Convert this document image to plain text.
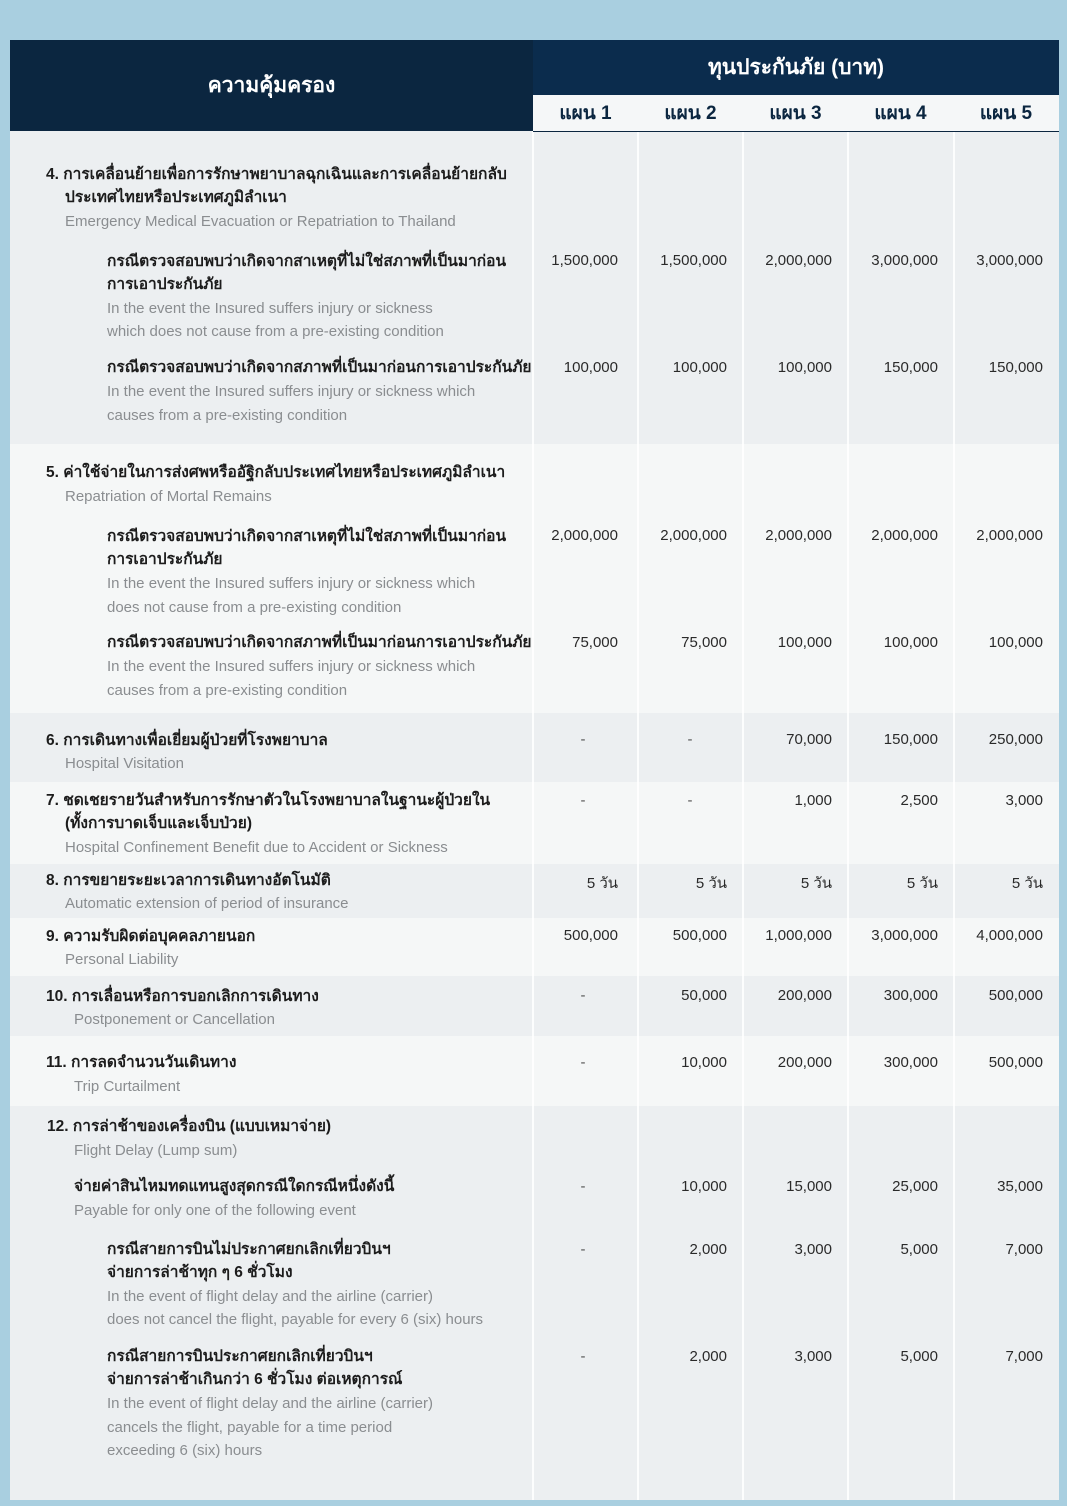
ความคุ้มครอง
ทุนประกันภัย (บาท)
แผน 1	แผน 2	แผน 3	แผน 4	แผน 5
4. การเคลื่อนย้ายเพื่อการรักษาพยาบาลฉุกเฉินและการเคลื่อนย้ายกลับ
ประเทศไทยหรือประเทศภูมิลำเนา
Emergency Medical Evacuation or Repatriation to Thailand
กรณีตรวจสอบพบว่าเกิดจากสาเหตุที่ไม่ใช่สภาพที่เป็นมาก่อน
การเอาประกันภัย
In the event the Insured suffers injury or sickness
which does not cause from a pre-existing condition
1,500,000	1,500,000	2,000,000	3,000,000	3,000,000
กรณีตรวจสอบพบว่าเกิดจากสภาพที่เป็นมาก่อนการเอาประกันภัย
In the event the Insured suffers injury or sickness which
causes from a pre-existing condition
100,000	100,000	100,000	150,000	150,000
5. ค่าใช้จ่ายในการส่งศพหรืออัฐิกลับประเทศไทยหรือประเทศภูมิลำเนา
Repatriation of Mortal Remains
กรณีตรวจสอบพบว่าเกิดจากสาเหตุที่ไม่ใช่สภาพที่เป็นมาก่อน
การเอาประกันภัย
In the event the Insured suffers injury or sickness which
does not cause from a pre-existing condition
2,000,000	2,000,000	2,000,000	2,000,000	2,000,000
กรณีตรวจสอบพบว่าเกิดจากสภาพที่เป็นมาก่อนการเอาประกันภัย
In the event the Insured suffers injury or sickness which
causes from a pre-existing condition
75,000	75,000	100,000	100,000	100,000
6. การเดินทางเพื่อเยี่ยมผู้ป่วยที่โรงพยาบาล
Hospital Visitation
-	-	70,000	150,000	250,000
7. ชดเชยรายวันสำหรับการรักษาตัวในโรงพยาบาลในฐานะผู้ป่วยใน
(ทั้งการบาดเจ็บและเจ็บป่วย)
Hospital Confinement Benefit due to Accident or Sickness
-	-	1,000	2,500	3,000
8. การขยายระยะเวลาการเดินทางอัตโนมัติ
Automatic extension of period of insurance
5 วัน	5 วัน	5 วัน	5 วัน	5 วัน
9. ความรับผิดต่อบุคคลภายนอก
Personal Liability
500,000	500,000	1,000,000	3,000,000	4,000,000
10. การเลื่อนหรือการบอกเลิกการเดินทาง
Postponement or Cancellation
-	50,000	200,000	300,000	500,000
11. การลดจำนวนวันเดินทาง
Trip Curtailment
-	10,000	200,000	300,000	500,000
12. การล่าช้าของเครื่องบิน (แบบเหมาจ่าย)
Flight Delay (Lump sum)
จ่ายค่าสินไหมทดแทนสูงสุดกรณีใดกรณีหนึ่งดังนี้
Payable for only one of the following event
-	10,000	15,000	25,000	35,000
กรณีสายการบินไม่ประกาศยกเลิกเที่ยวบินฯ
จ่ายการล่าช้าทุก ๆ 6 ชั่วโมง
In the event of flight delay and the airline (carrier)
does not cancel the flight, payable for every 6 (six) hours
-	2,000	3,000	5,000	7,000
กรณีสายการบินประกาศยกเลิกเที่ยวบินฯ
จ่ายการล่าช้าเกินกว่า 6 ชั่วโมง ต่อเหตุการณ์
In the event of flight delay and the airline (carrier)
cancels the flight, payable for a time period
exceeding 6 (six) hours
-	2,000	3,000	5,000	7,000
